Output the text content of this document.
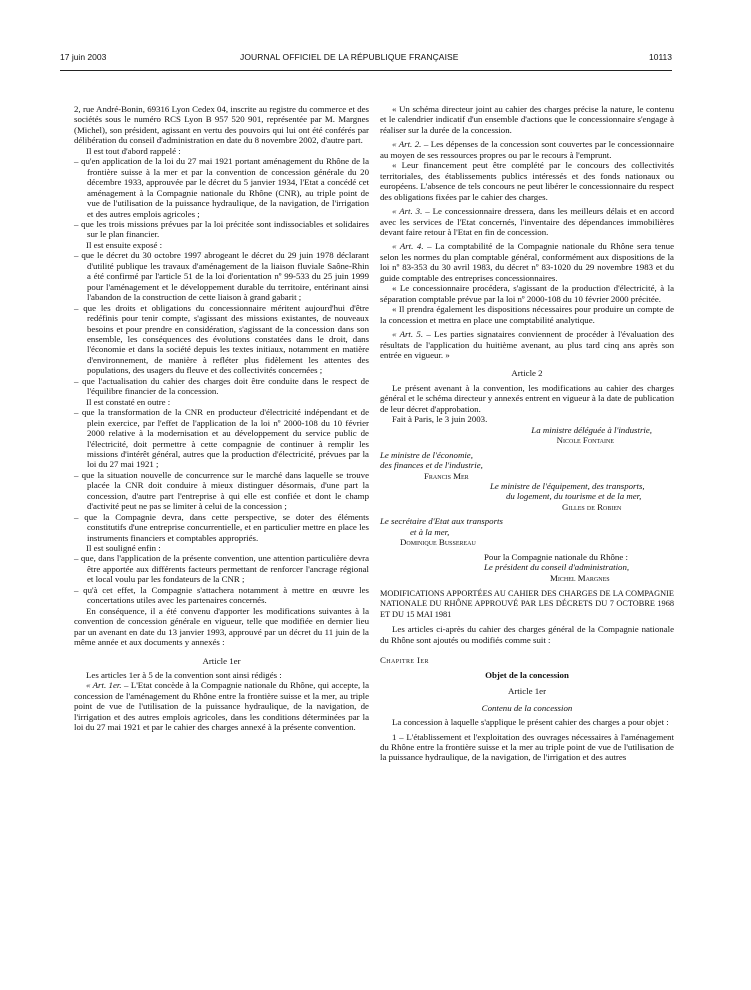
17 juin 2003	JOURNAL OFFICIEL DE LA RÉPUBLIQUE FRANÇAISE	10113

2, rue André-Bonin, 69316 Lyon Cedex 04, inscrite au registre du commerce et des sociétés sous le numéro RCS Lyon B 957 520 901, représentée par M. Margnes (Michel), son président, agissant en vertu des pouvoirs qui lui ont été conférés par délibération du conseil d'administration en date du 8 novembre 2002, d'autre part.

Il est tout d'abord rappelé :

– qu'en application de la loi du 27 mai 1921 portant aménagement du Rhône de la frontière suisse à la mer et par la convention de concession générale du 20 décembre 1933, approuvée par le décret du 5 janvier 1934, l'Etat a concédé cet aménagement à la Compagnie nationale du Rhône (CNR), au triple point de vue de l'utilisation de la puissance hydraulique, de la navigation, de l'irrigation et des autres emplois agricoles ;

– que les trois missions prévues par la loi précitée sont indissociables et solidaires sur le plan financier.

Il est ensuite exposé :

– que le décret du 30 octobre 1997 abrogeant le décret du 29 juin 1978 déclarant d'utilité publique les travaux d'aménagement de la liaison fluviale Saône-Rhin a été confirmé par l'article 51 de la loi d'orientation nº 99-533 du 25 juin 1999 pour l'aménagement et le développement durable du territoire, entérinant ainsi l'abandon de la construction de cette liaison à grand gabarit ;

– que les droits et obligations du concessionnaire méritent aujourd'hui d'être redéfinis pour tenir compte, s'agissant des missions existantes, de nouveaux besoins et pour prendre en considération, s'agissant de la concession dans son ensemble, les conséquences des évolutions constatées dans le droit, dans l'économie et dans la société depuis les textes initiaux, notamment en matière d'environnement, de manière à refléter plus fidèlement les attentes des populations, des usagers du fleuve et des collectivités concernées ;

– que l'actualisation du cahier des charges doit être conduite dans le respect de l'équilibre financier de la concession.

Il est constaté en outre :

– que la transformation de la CNR en producteur d'électricité indépendant et de plein exercice, par l'effet de l'application de la loi nº 2000-108 du 10 février 2000 relative à la modernisation et au développement du service public de l'électricité, doit permettre à cette compagnie de continuer à remplir les missions d'intérêt général, autres que la production d'électricité, prévues par la loi du 27 mai 1921 ;

– que la situation nouvelle de concurrence sur le marché dans laquelle se trouve placée la CNR doit conduire à mieux distinguer désormais, d'une part la concession, d'autre part l'entreprise à qui elle est confiée et dont le champ d'activité peut ne pas se limiter à celui de la concession ;

– que la Compagnie devra, dans cette perspective, se doter des éléments constitutifs d'une entreprise concurrentielle, et en particulier mettre en place les instruments financiers et comptables appropriés.

Il est souligné enfin :

– que, dans l'application de la présente convention, une attention particulière devra être apportée aux différents facteurs permettant de renforcer l'ancrage régional et local voulu par les fondateurs de la CNR ;

– qu'à cet effet, la Compagnie s'attachera notamment à mettre en œuvre les concertations utiles avec les partenaires concernés.

En conséquence, il a été convenu d'apporter les modifications suivantes à la convention de concession générale en vigueur, telle que modifiée en dernier lieu par un avenant en date du 13 janvier 1993, approuvé par un décret du 11 juin de la même année et aux documents y annexés :

Article 1er

Les articles 1er à 5 de la convention sont ainsi rédigés :

« Art. 1er. – L'Etat concède à la Compagnie nationale du Rhône, qui accepte, la concession de l'aménagement du Rhône entre la frontière suisse et la mer, au triple point de vue de l'utilisation de la puissance hydraulique, de la navigation, de l'irrigation et des autres emplois agricoles, dans les conditions déterminées par la loi du 27 mai 1921 et par le cahier des charges annexé à la présente convention.

« Un schéma directeur joint au cahier des charges précise la nature, le contenu et le calendrier indicatif d'un ensemble d'actions que le concessionnaire s'engage à réaliser sur la durée de la concession.

« Art. 2. – Les dépenses de la concession sont couvertes par le concessionnaire au moyen de ses ressources propres ou par le recours à l'emprunt.

« Leur financement peut être complété par le concours des collectivités territoriales, des établissements publics intéressés et des fonds nationaux ou européens. L'absence de tels concours ne peut libérer le concessionnaire du respect des obligations fixées par le cahier des charges.

« Art. 3. – Le concessionnaire dressera, dans les meilleurs délais et en accord avec les services de l'Etat concernés, l'inventaire des dépendances immobilières devant faire retour à l'Etat en fin de concession.

« Art. 4. – La comptabilité de la Compagnie nationale du Rhône sera tenue selon les normes du plan comptable général, conformément aux dispositions de la loi nº 83-353 du 30 avril 1983, du décret nº 83-1020 du 29 novembre 1983 et du guide comptable des entreprises concessionnaires.

« Le concessionnaire procédera, s'agissant de la production d'électricité, à la séparation comptable prévue par la loi nº 2000-108 du 10 février 2000 précitée.

« Il prendra également les dispositions nécessaires pour produire un compte de la concession et mettra en place une comptabilité analytique.

« Art. 5. – Les parties signataires conviennent de procéder à l'évaluation des résultats de l'application du huitième avenant, au plus tard cinq ans après son entrée en vigueur. »

Article 2

Le présent avenant à la convention, les modifications au cahier des charges général et le schéma directeur y annexés entrent en vigueur à la date de publication de leur décret d'approbation.

Fait à Paris, le 3 juin 2003.

La ministre déléguée à l'industrie,

Nicole Fontaine

Le ministre de l'économie,

des finances et de l'industrie,

Francis Mer

Le ministre de l'équipement, des transports,

du logement, du tourisme et de la mer,

Gilles de Robien

Le secrétaire d'Etat aux transports

et à la mer,

Dominique Bussereau

Pour la Compagnie nationale du Rhône :

Le président du conseil d'administration,

Michel Margnes

MODIFICATIONS APPORTÉES AU CAHIER DES CHARGES DE LA COMPAGNIE NATIONALE DU RHÔNE APPROUVÉ PAR LES DÉCRETS DU 7 OCTOBRE 1968 ET DU 15 MAI 1981

Les articles ci-après du cahier des charges général de la Compagnie nationale du Rhône sont ajoutés ou modifiés comme suit :

Chapitre Ier

Objet de la concession

Article 1er

Contenu de la concession

La concession à laquelle s'applique le présent cahier des charges a pour objet :

1 – L'établissement et l'exploitation des ouvrages nécessaires à l'aménagement du Rhône entre la frontière suisse et la mer au triple point de vue de l'utilisation de la puissance hydraulique, de la navigation, de l'irrigation et des autres
